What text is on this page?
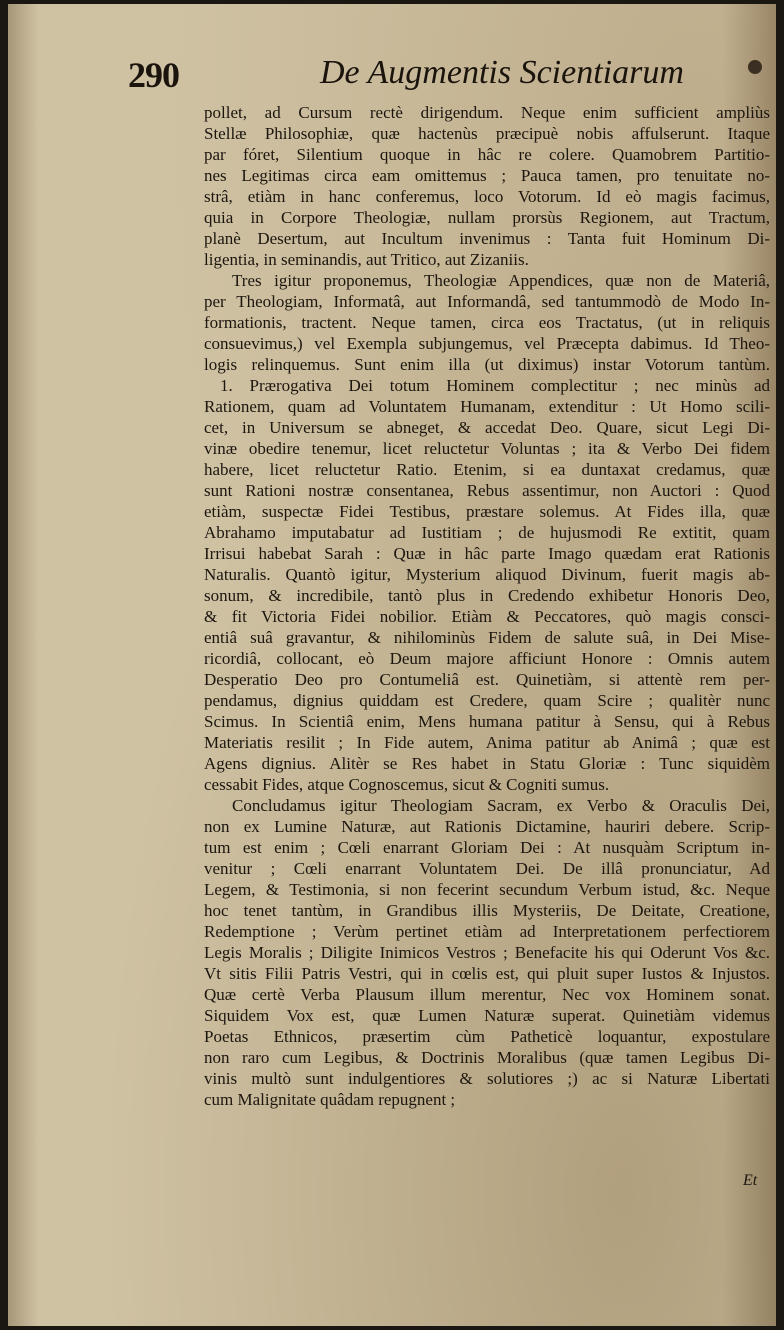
290	De Augmentis Scientiarum
pollet, ad Cursum rectè dirigendum. Neque enim sufficient ampliùs
Stellæ Philosophiæ, quæ hactenùs præcipuè nobis affulserunt. Itaque
par fóret, Silentium quoque in hâc re colere. Quamobrem Partitio-
nes Legitimas circa eam omittemus ; Pauca tamen, pro tenuitate no-
strâ, etiàm in hanc conferemus, loco Votorum. Id eò magis facimus,
quia in Corpore Theologiæ, nullam prorsùs Regionem, aut Tractum,
planè Desertum, aut Incultum invenimus : Tanta fuit Hominum Di-
ligentia, in seminandis, aut Tritico, aut Zizaniis.
Tres igitur proponemus, Theologiæ Appendices, quæ non de Materiâ,
per Theologiam, Informatâ, aut Informandâ, sed tantummodò de Modo In-
formationis, tractent. Neque tamen, circa eos Tractatus, (ut in reliquis
consuevimus,) vel Exempla subjungemus, vel Præcepta dabimus. Id Theo-
logis relinquemus. Sunt enim illa (ut diximus) instar Votorum tantùm.
1. Prærogativa Dei totum Hominem complectitur ; nec minùs ad
Rationem, quam ad Voluntatem Humanam, extenditur : Ut Homo scili-
cet, in Universum se abneget, & accedat Deo. Quare, sicut Legi Di-
vinæ obedire tenemur, licet reluctetur Voluntas ; ita & Verbo Dei fidem
habere, licet reluctetur Ratio. Etenim, si ea duntaxat credamus, quæ
sunt Rationi nostræ consentanea, Rebus assentimur, non Auctori : Quod
etiàm, suspectæ Fidei Testibus, præstare solemus. At Fides illa, quæ
Abrahamo imputabatur ad Iustitiam ; de hujusmodi Re extitit, quam
Irrisui habebat Sarah : Quæ in hâc parte Imago quædam erat Rationis
Naturalis. Quantò igitur, Mysterium aliquod Divinum, fuerit magis ab-
sonum, & incredibile, tantò plus in Credendo exhibetur Honoris Deo,
& fit Victoria Fidei nobilior. Etiàm & Peccatores, quò magis consci-
entiâ suâ gravantur, & nihilominùs Fidem de salute suâ, in Dei Mise-
ricordiâ, collocant, eò Deum majore afficiunt Honore : Omnis autem
Desperatio Deo pro Contumeliâ est. Quinetiàm, si attentè rem per-
pendamus, dignius quiddam est Credere, quam Scire ; qualitèr nunc
Scimus. In Scientiâ enim, Mens humana patitur à Sensu, qui à Rebus
Materiatis resilit ; In Fide autem, Anima patitur ab Animâ ; quæ est
Agens dignius. Alitèr se Res habet in Statu Gloriæ : Tunc siquidèm
cessabit Fides, atque Cognoscemus, sicut & Cogniti sumus.
Concludamus igitur Theologiam Sacram, ex Verbo & Oraculis Dei,
non ex Lumine Naturæ, aut Rationis Dictamine, hauriri debere. Scrip-
tum est enim ; Cœli enarrant Gloriam Dei : At nusquàm Scriptum in-
venitur ; Cœli enarrant Voluntatem Dei. De illâ pronunciatur, Ad
Legem, & Testimonia, si non fecerint secundum Verbum istud, &c. Neque
hoc tenet tantùm, in Grandibus illis Mysteriis, De Deitate, Creatione,
Redemptione ; Verùm pertinet etiàm ad Interpretationem perfectiorem
Legis Moralis ; Diligite Inimicos Vestros ; Benefacite his qui Oderunt Vos &c.
Vt sitis Filii Patris Vestri, qui in cœlis est, qui pluit super Iustos & Injustos.
Quæ certè Verba Plausum illum merentur, Nec vox Hominem sonat.
Siquidem Vox est, quæ Lumen Naturæ superat. Quinetiàm videmus
Poetas Ethnicos, præsertim cùm Patheticè loquantur, expostulare
non raro cum Legibus, & Doctrinis Moralibus (quæ tamen Legibus Di-
vinis multò sunt indulgentiores & solutiores ;) ac si Naturæ Libertati
cum Malignitate quâdam repugnent ;
Et
